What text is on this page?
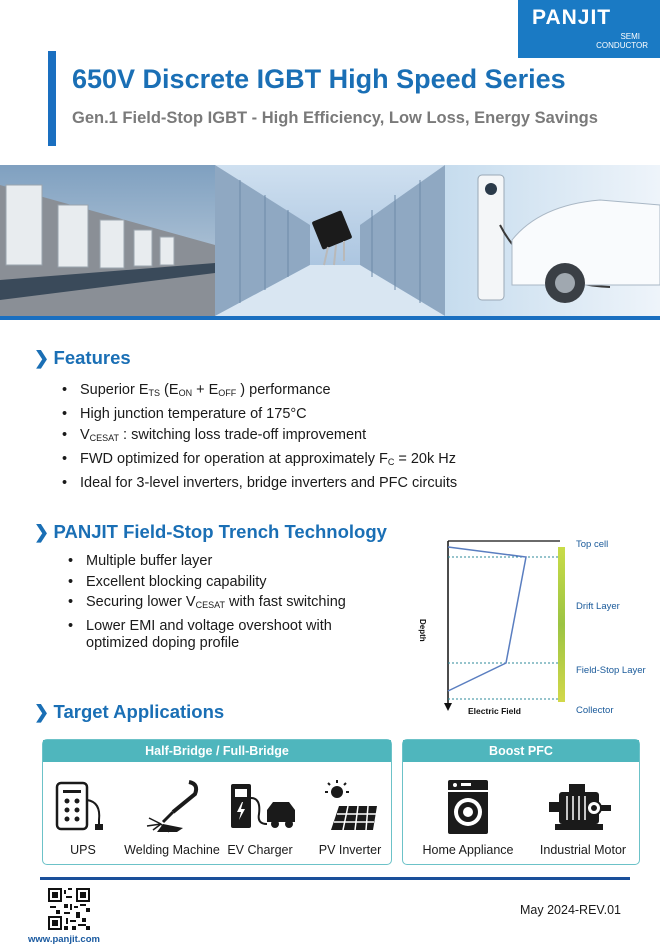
PANJIT
SEMI
CONDUCTOR
650V Discrete IGBT High Speed Series
Gen.1 Field-Stop IGBT - High Efficiency, Low Loss, Energy Savings
❯ Features
• Superior $E_{TS}$ ($E_{ON} + E_{OFF}$ ) performance
• High junction temperature of 175°C
• $V_{CESAT}$ : switching loss trade-off improvement
• FWD optimized for operation at approximately $F_C = 20k$ Hz
• Ideal for 3-level inverters, bridge inverters and PFC circuits
❯ PANJIT Field-Stop Trench Technology
• Multiple buffer layer
• Excellent blocking capability
• Securing lower $V_{CESAT}$ with fast switching
• Lower EMI and voltage overshoot with
optimized doping profile
Depth
Electric Field
Top cell
Drift Layer
Field-Stop Layer
Collector
❯ Target Applications
Half-Bridge / Full-Bridge
UPS	Welding Machine EV Charger	PV Inverter
Boost PFC
Home Appliance	Industrial Motor
www.panjit.com
May 2024-REV.01
